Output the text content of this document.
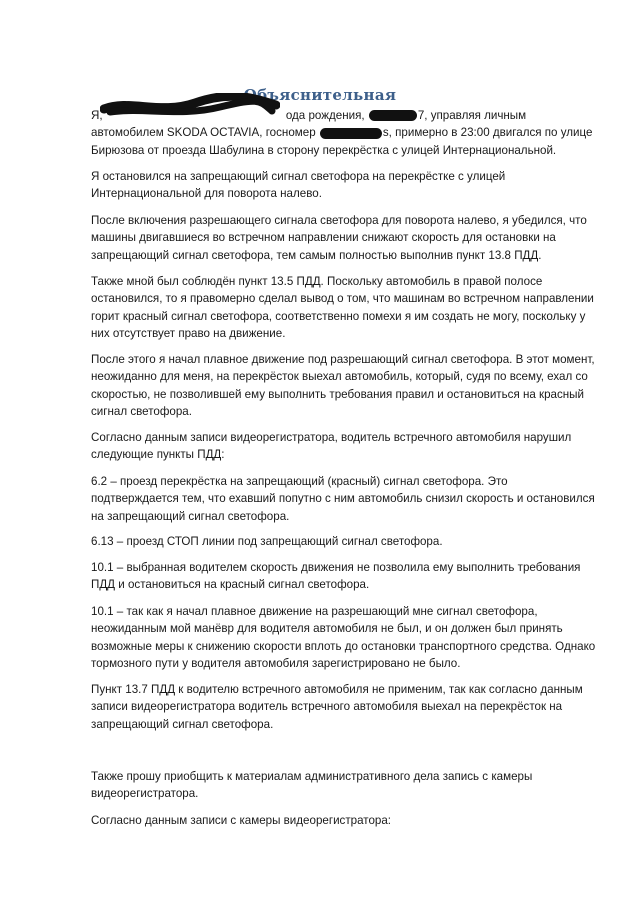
Объяснительная
Я,	ода рождения,	7, управляя личным
автомобилем SKODA OCTAVIA, госномер	s, примерно в 23:00 двигался по улице
Бирюзова от проезда Шабулина в сторону перекрёстка с улицей Интернациональной.

Я остановился на запрещающий сигнал светофора на перекрёстке с улицей Интернациональной для поворота налево.

После включения разрешающего сигнала светофора для поворота налево, я убедился, что машины двигавшиеся во встречном направлении снижают скорость для остановки на запрещающий сигнал светофора, тем самым полностью выполнив пункт 13.8 ПДД.

Также мной был соблюдён пункт 13.5 ПДД. Поскольку автомобиль в правой полосе остановился, то я правомерно сделал вывод о том, что машинам во встречном направлении горит красный сигнал светофора, соответственно помехи я им создать не могу, поскольку у них отсутствует право на движение.

После этого я начал плавное движение под разрешающий сигнал светофора. В этот момент, неожиданно для меня, на перекрёсток выехал автомобиль, который, судя по всему, ехал со скоростью, не позволившей ему выполнить требования правил и остановиться на красный сигнал светофора.

Согласно данным записи видеорегистратора, водитель встречного автомобиля нарушил следующие пункты ПДД:

6.2 – проезд перекрёстка на запрещающий (красный) сигнал светофора. Это подтверждается тем, что ехавший попутно с ним автомобиль снизил скорость и остановился на запрещающий сигнал светофора.

6.13 – проезд СТОП линии под запрещающий сигнал светофора.

10.1 – выбранная водителем скорость движения не позволила ему выполнить требования ПДД и остановиться на красный сигнал светофора.

10.1 – так как я начал плавное движение на разрешающий мне сигнал светофора, неожиданным мой манёвр для водителя автомобиля не был, и он должен был принять возможные меры к снижению скорости вплоть до остановки транспортного средства. Однако тормозного пути у водителя автомобиля зарегистрировано не было.

Пункт 13.7 ПДД к водителю встречного автомобиля не применим, так как согласно данным записи видеорегистратора водитель встречного автомобиля выехал на перекрёсток на запрещающий сигнал светофора.

Также прошу приобщить к материалам административного дела запись с камеры видеорегистратора.

Согласно данным записи с камеры видеорегистратора:
